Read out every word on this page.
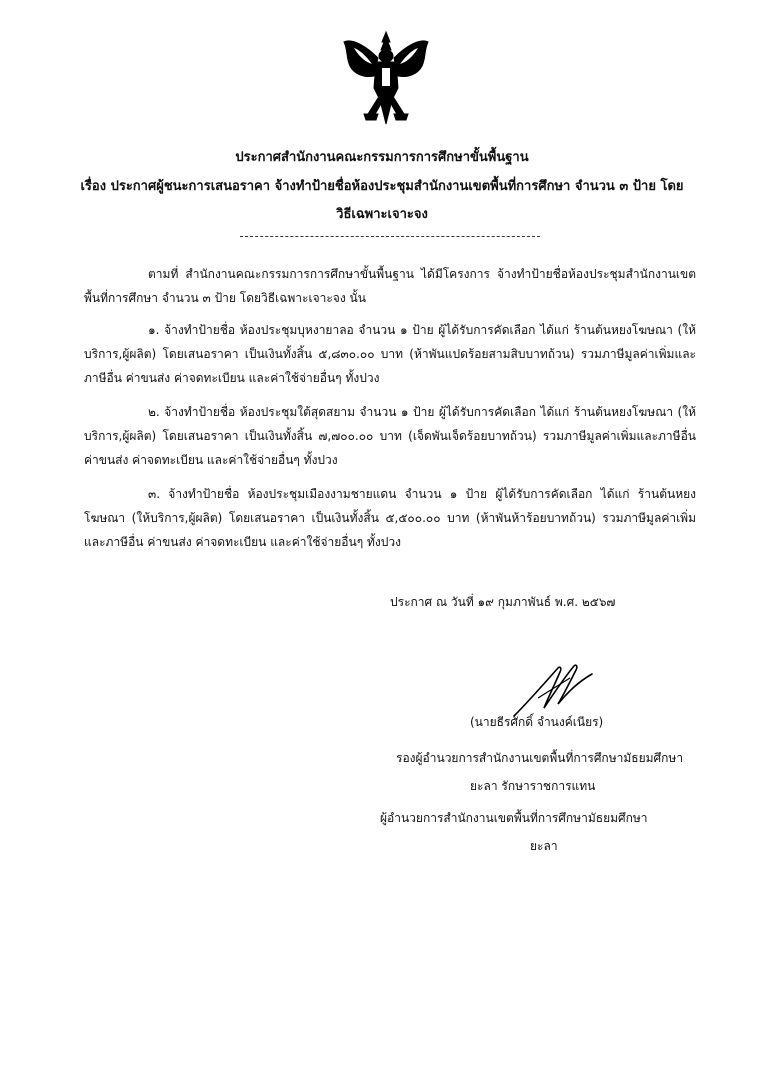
ประกาศสำนักงานคณะกรรมการการศึกษาขั้นพื้นฐาน
เรื่อง ประกาศผู้ชนะการเสนอราคา จ้างทำป้ายชื่อห้องประชุมสำนักงานเขตพื้นที่การศึกษา จำนวน ๓ ป้าย โดย
วิธีเฉพาะเจาะจง
ตามที่ สำนักงานคณะกรรมการการศึกษาขั้นพื้นฐาน ได้มีโครงการ จ้างทำป้ายชื่อห้องประชุมสำนักงานเขตพื้นที่การศึกษา จำนวน ๓ ป้าย โดยวิธีเฉพาะเจาะจง นั้น
๑. จ้างทำป้ายชื่อ ห้องประชุมบุหงายาลอ จำนวน ๑ ป้าย ผู้ได้รับการคัดเลือก ได้แก่ ร้านต้นหยงโฆษณา (ให้บริการ,ผู้ผลิต) โดยเสนอราคา เป็นเงินทั้งสิ้น ๕,๘๓๐.๐๐ บาท (ห้าพันแปดร้อยสามสิบบาทถ้วน) รวมภาษีมูลค่าเพิ่มและภาษีอื่น ค่าขนส่ง ค่าจดทะเบียน และค่าใช้จ่ายอื่นๆ ทั้งปวง
๒. จ้างทำป้ายชื่อ ห้องประชุมใต้สุดสยาม จำนวน ๑ ป้าย ผู้ได้รับการคัดเลือก ได้แก่ ร้านต้นหยงโฆษณา (ให้บริการ,ผู้ผลิต) โดยเสนอราคา เป็นเงินทั้งสิ้น ๗,๗๐๐.๐๐ บาท (เจ็ดพันเจ็ดร้อยบาทถ้วน) รวมภาษีมูลค่าเพิ่มและภาษีอื่น ค่าขนส่ง ค่าจดทะเบียน และค่าใช้จ่ายอื่นๆ ทั้งปวง
๓. จ้างทำป้ายชื่อ ห้องประชุมเมืองงามชายแดน จำนวน ๑ ป้าย ผู้ได้รับการคัดเลือก ได้แก่ ร้านต้นหยงโฆษณา (ให้บริการ,ผู้ผลิต) โดยเสนอราคา เป็นเงินทั้งสิ้น ๕,๕๐๐.๐๐ บาท (ห้าพันห้าร้อยบาทถ้วน) รวมภาษีมูลค่าเพิ่มและภาษีอื่น ค่าขนส่ง ค่าจดทะเบียน และค่าใช้จ่ายอื่นๆ ทั้งปวง
ประกาศ ณ วันที่ ๑๙ กุมภาพันธ์ พ.ศ. ๒๕๖๗
(นายธีรศักดิ์ จำนงค์เนียร)
รองผู้อำนวยการสำนักงานเขตพื้นที่การศึกษามัธยมศึกษา
ยะลา รักษาราชการแทน
ผู้อำนวยการสำนักงานเขตพื้นที่การศึกษามัธยมศึกษา
ยะลา
